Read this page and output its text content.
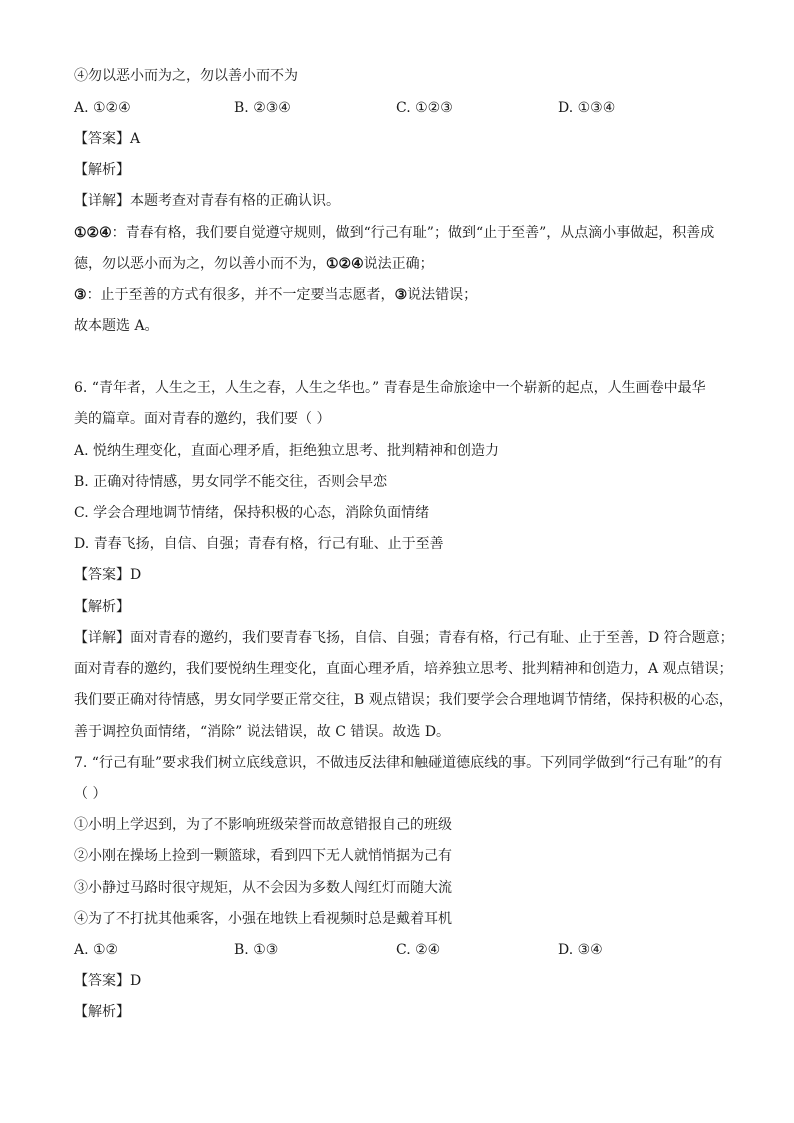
④勿以恶小而为之，勿以善小而不为
A. ①②④	B. ②③④	C. ①②③	D. ①③④
【答案】A
【解析】
【详解】本题考查对青春有格的正确认识。
①②④：青春有格，我们要自觉遵守规则，做到“行己有耻”；做到“止于至善”，从点滴小事做起，积善成
德，勿以恶小而为之，勿以善小而不为，①②④说法正确；
③：止于至善的方式有很多，并不一定要当志愿者，③说法错误；
故本题选 A。
6. “青年者，人生之王，人生之春，人生之华也。” 青春是生命旅途中一个崭新的起点，人生画卷中最华
美的篇章。面对青春的邀约，我们要（ ）
A. 悦纳生理变化，直面心理矛盾，拒绝独立思考、批判精神和创造力
B. 正确对待情感，男女同学不能交往，否则会早恋
C. 学会合理地调节情绪，保持积极的心态，消除负面情绪
D. 青春飞扬，自信、自强；青春有格，行己有耻、止于至善
【答案】D
【解析】
【详解】面对青春的邀约，我们要青春飞扬，自信、自强；青春有格，行己有耻、止于至善，D 符合题意；
面对青春的邀约，我们要悦纳生理变化，直面心理矛盾，培养独立思考、批判精神和创造力，A 观点错误；
我们要正确对待情感，男女同学要正常交往，B 观点错误；我们要学会合理地调节情绪，保持积极的心态，
善于调控负面情绪，“消除” 说法错误，故 C 错误。故选 D。
7. “行己有耻”要求我们树立底线意识，不做违反法律和触碰道德底线的事。下列同学做到“行己有耻”的有
（ ）
①小明上学迟到，为了不影响班级荣誉而故意错报自己的班级
②小刚在操场上捡到一颗篮球，看到四下无人就悄悄据为己有
③小静过马路时很守规矩，从不会因为多数人闯红灯而随大流
④为了不打扰其他乘客，小强在地铁上看视频时总是戴着耳机
A. ①②	B. ①③	C. ②④	D. ③④
【答案】D
【解析】
